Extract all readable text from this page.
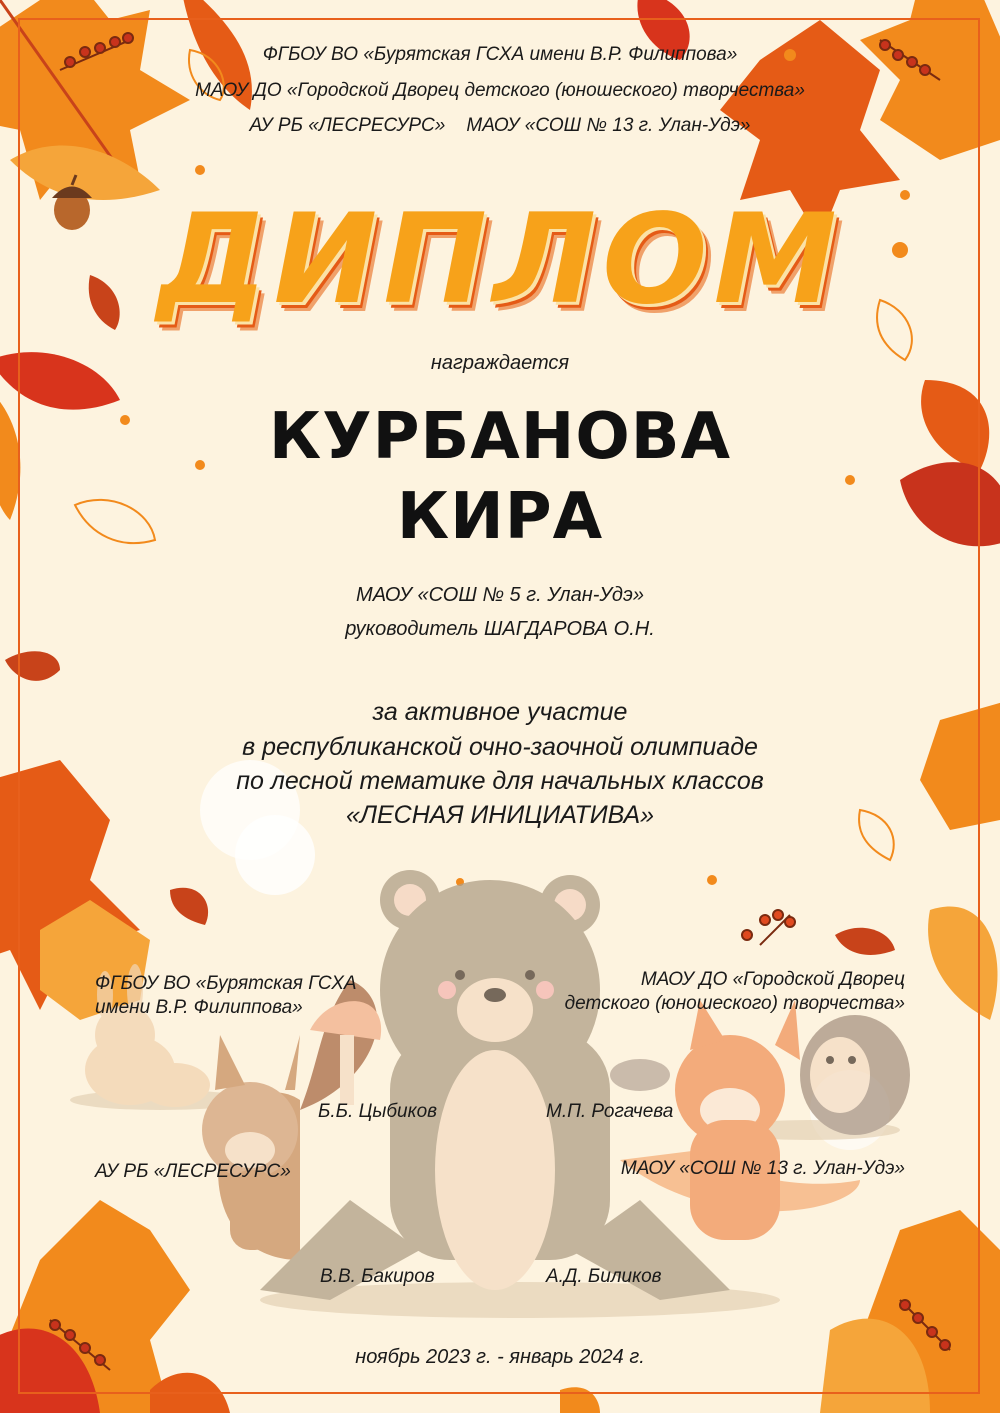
ФГБОУ ВО «Бурятская ГСХА имени В.Р. Филиппова»
МАОУ ДО «Городской Дворец детского (юношеского) творчества»
АУ РБ «ЛЕСРЕСУРС»    МАОУ «СОШ № 13 г. Улан-Удэ»
ДИПЛОМ
награждается
КУРБАНОВА
КИРА
МАОУ «СОШ № 5 г. Улан-Удэ»
руководитель ШАГДАРОВА О.Н.
за активное участие
в республиканской очно-заочной олимпиаде
по лесной тематике для начальных классов
«ЛЕСНАЯ ИНИЦИАТИВА»
ФГБОУ ВО «Бурятская ГСХА
имени В.Р. Филиппова»
МАОУ ДО «Городской Дворец
детского (юношеского) творчества»
Б.Б. Цыбиков	М.П. Рогачева
АУ РБ «ЛЕСРЕСУРС»	МАОУ «СОШ № 13 г. Улан-Удэ»
В.В. Бакиров	А.Д. Биликов
ноябрь 2023 г. - январь 2024 г.
